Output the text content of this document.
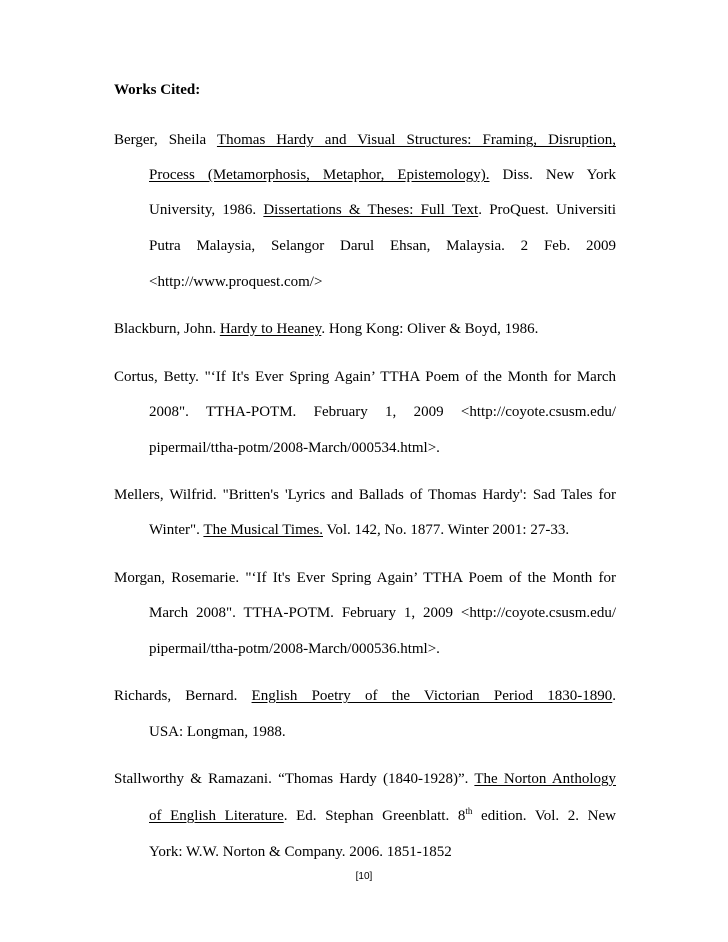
Works Cited:
Berger, Sheila Thomas Hardy and Visual Structures: Framing, Disruption,
Process (Metamorphosis, Metaphor, Epistemology). Diss. New York
University, 1986. Dissertations & Theses: Full Text. ProQuest. Universiti
Putra Malaysia, Selangor Darul Ehsan, Malaysia. 2 Feb. 2009
<http://www.proquest.com/>
Blackburn, John. Hardy to Heaney. Hong Kong: Oliver & Boyd, 1986.
Cortus, Betty. "‘If It's Ever Spring Again’ TTHA Poem of the Month for March
2008". TTHA-POTM. February 1, 2009 <http://coyote.csusm.edu/
pipermail/ttha-potm/2008-March/000534.html>.
Mellers, Wilfrid. "Britten's 'Lyrics and Ballads of Thomas Hardy': Sad Tales for
Winter". The Musical Times. Vol. 142, No. 1877. Winter 2001: 27-33.
Morgan, Rosemarie. "‘If It's Ever Spring Again’ TTHA Poem of the Month for
March 2008". TTHA-POTM. February 1, 2009 <http://coyote.csusm.edu/
pipermail/ttha-potm/2008-March/000536.html>.
Richards, Bernard. English Poetry of the Victorian Period 1830-1890.
USA: Longman, 1988.
Stallworthy & Ramazani. “Thomas Hardy (1840-1928)”. The Norton Anthology
of English Literature. Ed. Stephan Greenblatt. 8th edition. Vol. 2. New
York: W.W. Norton & Company. 2006. 1851-1852
[10]
